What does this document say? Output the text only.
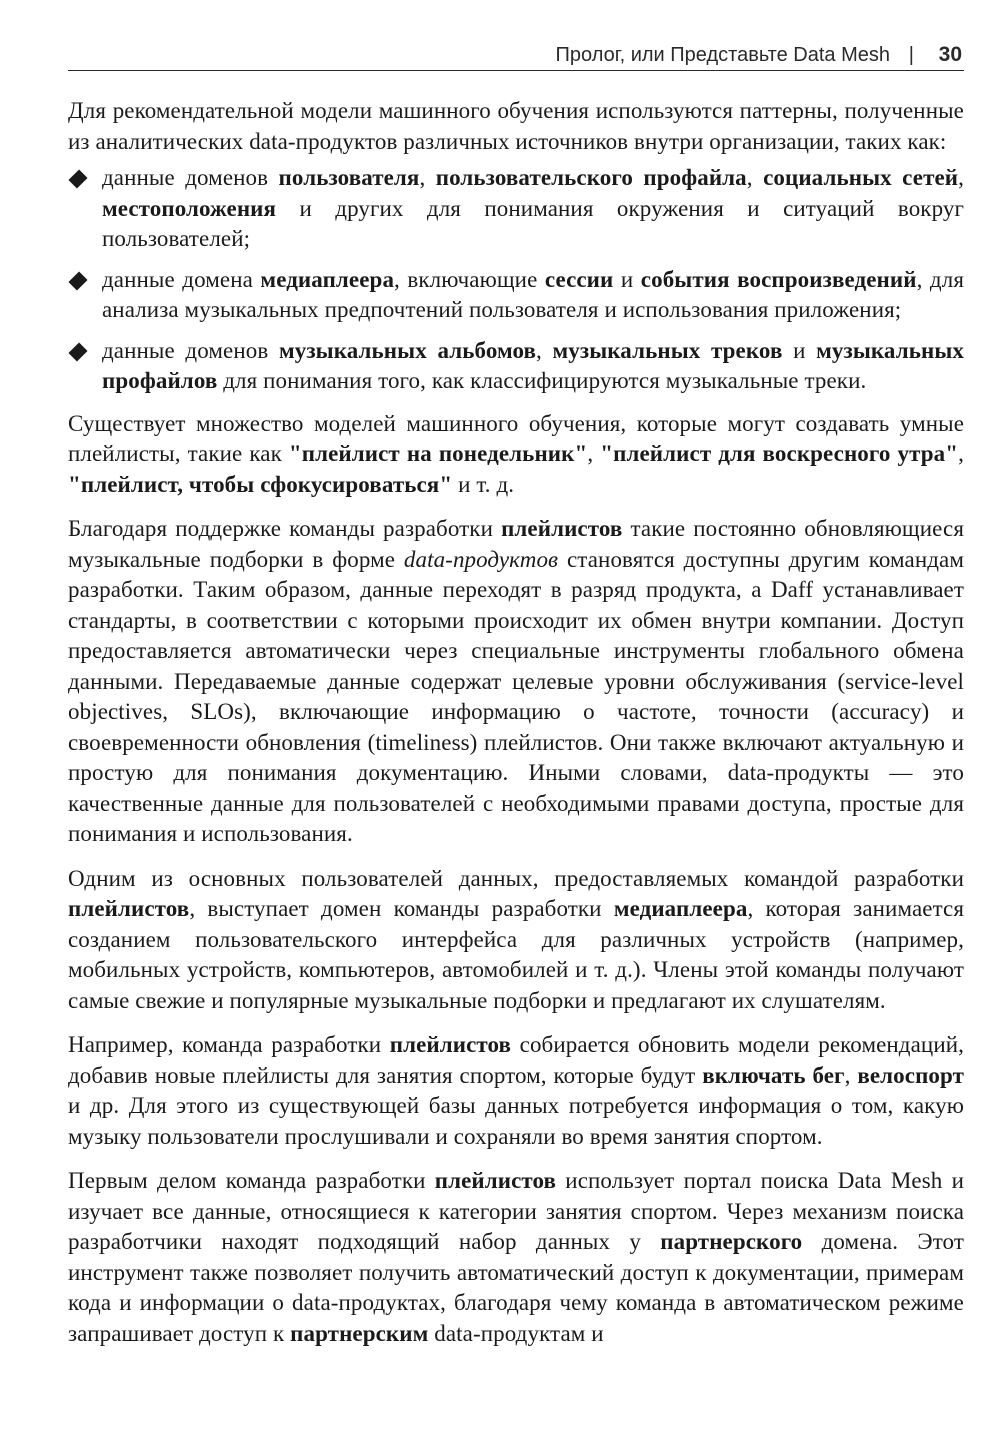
Пролог, или Представьте Data Mesh | 30

Для рекомендательной модели машинного обучения используются паттерны, полученные из аналитических data-продуктов различных источников внутри организации, таких как:

данные доменов пользователя, пользовательского профайла, социальных сетей, местоположения и других для понимания окружения и ситуаций вокруг пользователей;
данные домена медиаплеера, включающие сессии и события воспроизведений, для анализа музыкальных предпочтений пользователя и использования приложения;
данные доменов музыкальных альбомов, музыкальных треков и музыкальных профайлов для понимания того, как классифицируются музыкальные треки.

Существует множество моделей машинного обучения, которые могут создавать умные плейлисты, такие как "плейлист на понедельник", "плейлист для воскресного утра", "плейлист, чтобы сфокусироваться" и т. д.

Благодаря поддержке команды разработки плейлистов такие постоянно обновляющиеся музыкальные подборки в форме data-продуктов становятся доступны другим командам разработки. Таким образом, данные переходят в разряд продукта, а Daff устанавливает стандарты, в соответствии с которыми происходит их обмен внутри компании. Доступ предоставляется автоматически через специальные инструменты глобального обмена данными. Передаваемые данные содержат целевые уровни обслуживания (service-level objectives, SLOs), включающие информацию о частоте, точности (accuracy) и своевременности обновления (timeliness) плейлистов. Они также включают актуальную и простую для понимания документацию. Иными словами, data-продукты — это качественные данные для пользователей с необходимыми правами доступа, простые для понимания и использования.

Одним из основных пользователей данных, предоставляемых командой разработки плейлистов, выступает домен команды разработки медиаплеера, которая занимается созданием пользовательского интерфейса для различных устройств (например, мобильных устройств, компьютеров, автомобилей и т. д.). Члены этой команды получают самые свежие и популярные музыкальные подборки и предлагают их слушателям.

Например, команда разработки плейлистов собирается обновить модели рекомендаций, добавив новые плейлисты для занятия спортом, которые будут включать бег, велоспорт и др. Для этого из существующей базы данных потребуется информация о том, какую музыку пользователи прослушивали и сохраняли во время занятия спортом.

Первым делом команда разработки плейлистов использует портал поиска Data Mesh и изучает все данные, относящиеся к категории занятия спортом. Через механизм поиска разработчики находят подходящий набор данных у партнерского домена. Этот инструмент также позволяет получить автоматический доступ к документации, примерам кода и информации о data-продуктах, благодаря чему команда в автоматическом режиме запрашивает доступ к партнерским data-продуктам и
